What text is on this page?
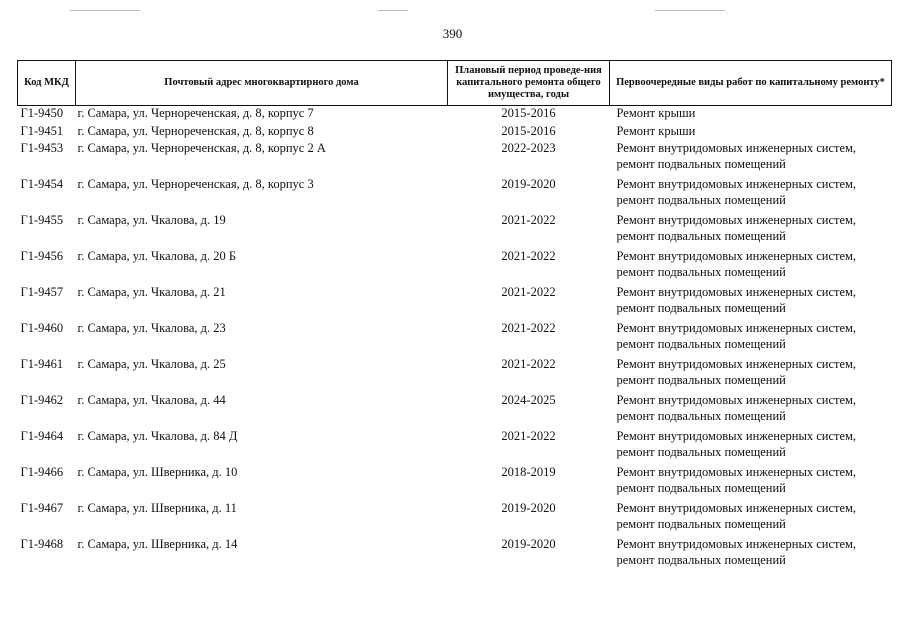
390
Код МКД	Почтовый адрес многоквартирного дома	Плановый период проведе-ния капитального ремонта общего имущества, годы	Первоочередные виды работ по капитальному ремонту*
Г1-9450	г. Самара, ул. Чернореченская, д. 8, корпус 7	2015-2016	Ремонт крыши
Г1-9451	г. Самара, ул. Чернореченская, д. 8, корпус 8	2015-2016	Ремонт крыши
Г1-9453	г. Самара, ул. Чернореченская, д. 8, корпус 2 А	2022-2023	Ремонт внутридомовых инженерных систем, ремонт подвальных помещений
Г1-9454	г. Самара, ул. Чернореченская, д. 8, корпус 3	2019-2020	Ремонт внутридомовых инженерных систем, ремонт подвальных помещений
Г1-9455	г. Самара, ул. Чкалова, д. 19	2021-2022	Ремонт внутридомовых инженерных систем, ремонт подвальных помещений
Г1-9456	г. Самара, ул. Чкалова, д. 20 Б	2021-2022	Ремонт внутридомовых инженерных систем, ремонт подвальных помещений
Г1-9457	г. Самара, ул. Чкалова, д. 21	2021-2022	Ремонт внутридомовых инженерных систем, ремонт подвальных помещений
Г1-9460	г. Самара, ул. Чкалова, д. 23	2021-2022	Ремонт внутридомовых инженерных систем, ремонт подвальных помещений
Г1-9461	г. Самара, ул. Чкалова, д. 25	2021-2022	Ремонт внутридомовых инженерных систем, ремонт подвальных помещений
Г1-9462	г. Самара, ул. Чкалова, д. 44	2024-2025	Ремонт внутридомовых инженерных систем, ремонт подвальных помещений
Г1-9464	г. Самара, ул. Чкалова, д. 84 Д	2021-2022	Ремонт внутридомовых инженерных систем, ремонт подвальных помещений
Г1-9466	г. Самара, ул. Шверника, д. 10	2018-2019	Ремонт внутридомовых инженерных систем, ремонт подвальных помещений
Г1-9467	г. Самара, ул. Шверника, д. 11	2019-2020	Ремонт внутридомовых инженерных систем, ремонт подвальных помещений
Г1-9468	г. Самара, ул. Шверника, д. 14	2019-2020	Ремонт внутридомовых инженерных систем, ремонт подвальных помещений
